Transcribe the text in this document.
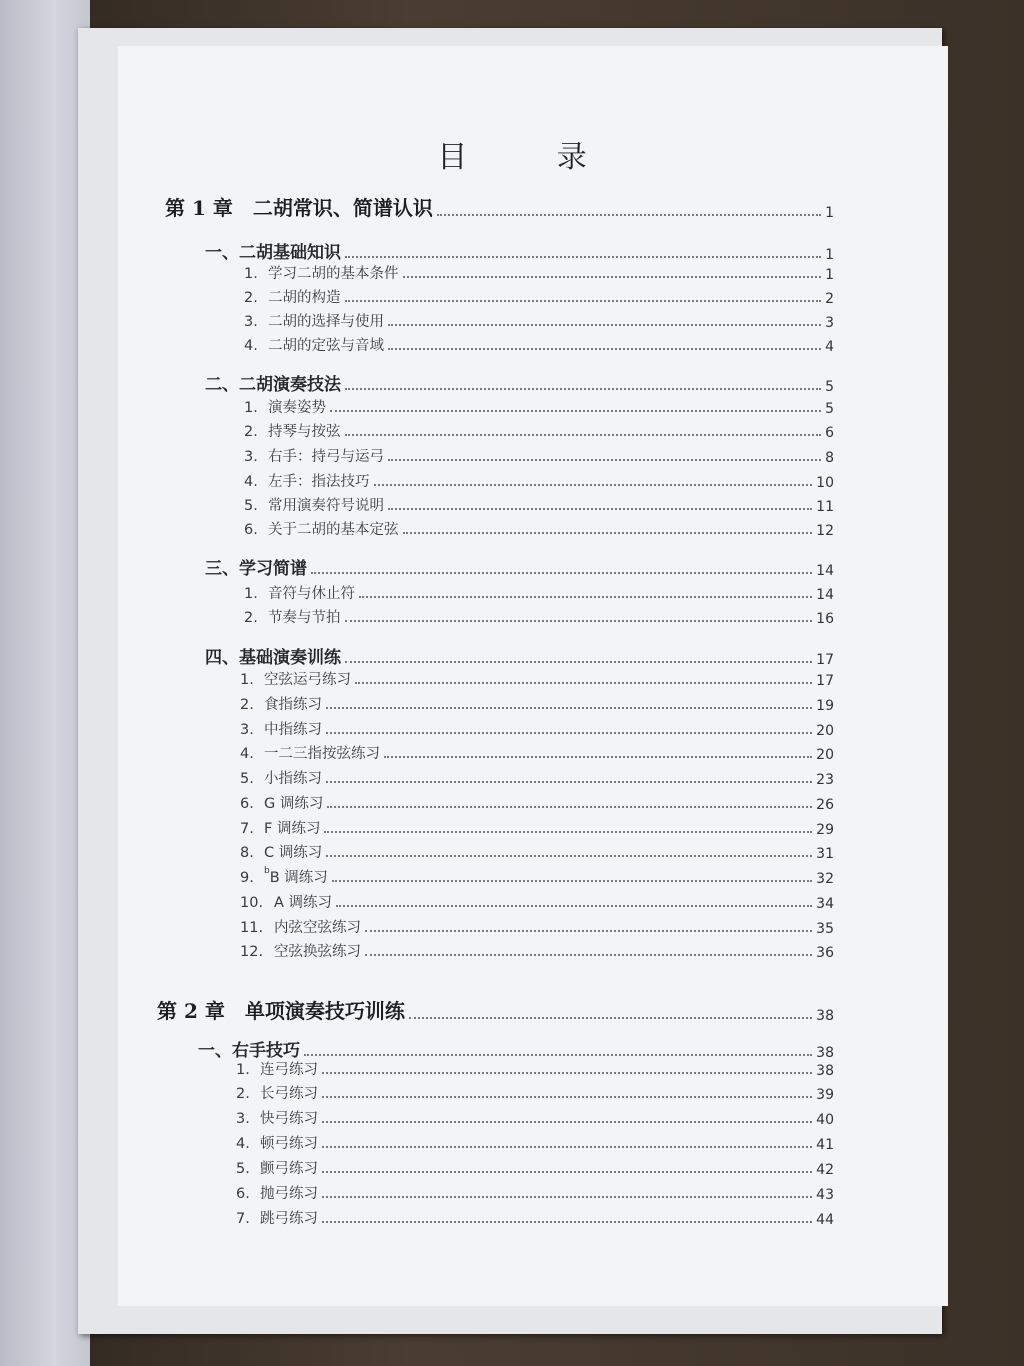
目 录
第 1 章　二胡常识、简谱认识	1
一、二胡基础知识	1
1. 学习二胡的基本条件	1
2. 二胡的构造	2
3. 二胡的选择与使用	3
4. 二胡的定弦与音域	4
二、二胡演奏技法	5
1. 演奏姿势	5
2. 持琴与按弦	6
3. 右手：持弓与运弓	8
4. 左手：指法技巧	10
5. 常用演奏符号说明	11
6. 关于二胡的基本定弦	12
三、学习简谱	14
1. 音符与休止符	14
2. 节奏与节拍	16
四、基础演奏训练	17
1. 空弦运弓练习	17
2. 食指练习	19
3. 中指练习	20
4. 一二三指按弦练习	20
5. 小指练习	23
6. G 调练习	26
7. F 调练习	29
8. C 调练习	31
9. $^b$B 调练习	32
10. A 调练习	34
11. 内弦空弦练习	35
12. 空弦换弦练习	36
第 2 章　单项演奏技巧训练	38
一、右手技巧	38
1. 连弓练习	38
2. 长弓练习	39
3. 快弓练习	40
4. 顿弓练习	41
5. 颤弓练习	42
6. 抛弓练习	43
7. 跳弓练习	44
